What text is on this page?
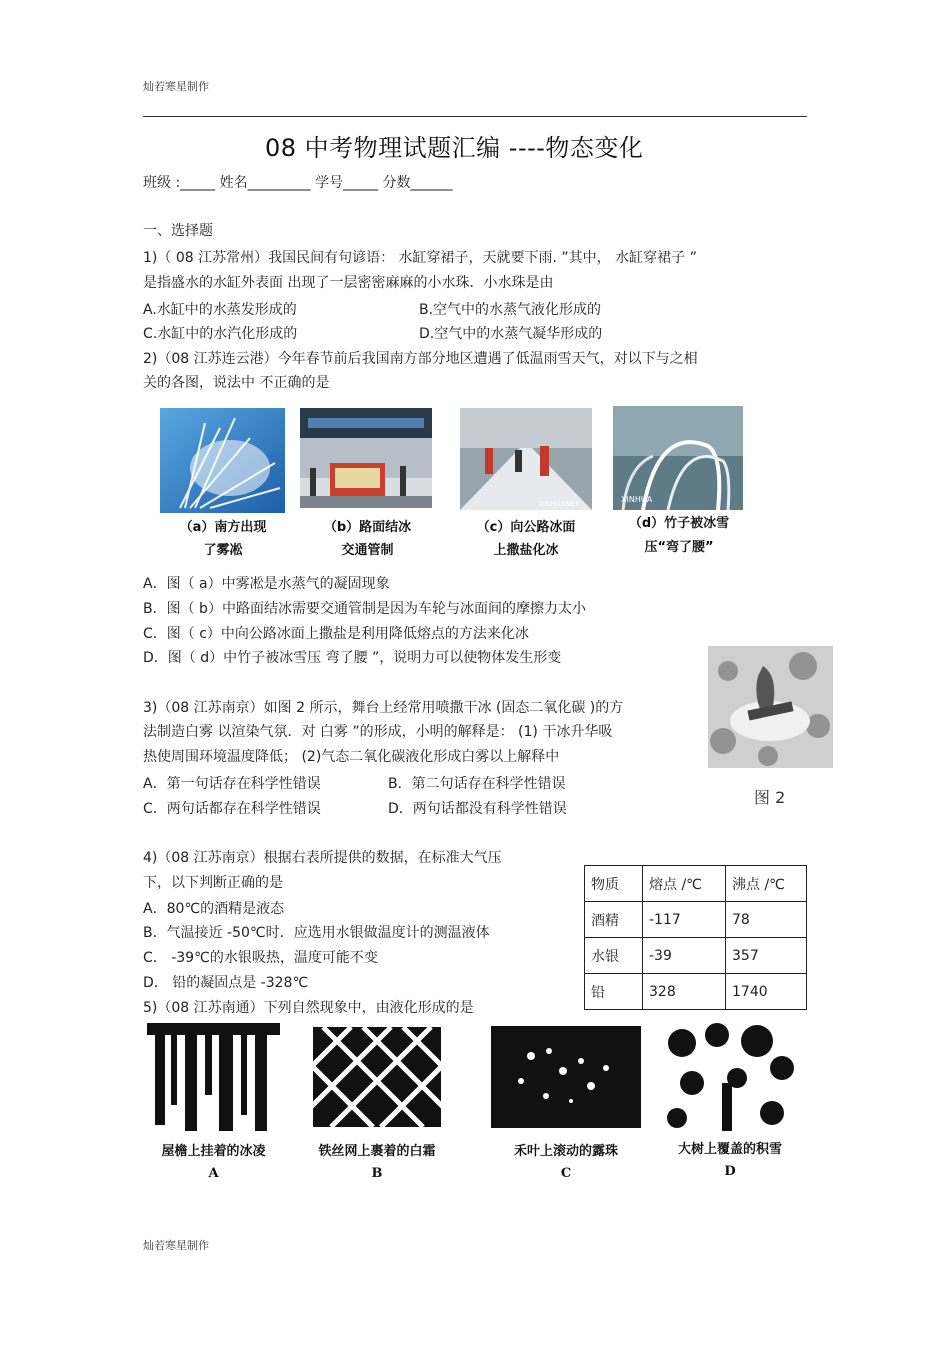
灿若寒星制作
08 中考物理试题汇编 ----物态变化
班级 :_____ 姓名_________ 学号_____ 分数______
一、选择题
1)（ 08 江苏常州）我国民间有句谚语： 水缸穿裙子，天就要下雨. ”其中， 水缸穿裙子 ”
是指盛水的水缸外表面 出现了一层密密麻麻的小水珠．小水珠是由
A.水缸中的水蒸发形成的	B.空气中的水蒸气液化形成的
C.水缸中的水汽化形成的	D.空气中的水蒸气凝华形成的
2)（08 江苏连云港）今年春节前后我国南方部分地区遭遇了低温雨雪天气，对以下与之相
关的各图，说法中 不正确的是
（a）南方出现
了雾凇
（b）路面结冰
交通管制
XINHUANET
（c）向公路冰面
上撒盐化冰
XINHUA
（d）竹子被冰雪
压“弯了腰”
A．图（ a）中雾凇是水蒸气的凝固现象
B．图（ b）中路面结冰需要交通管制是因为车轮与冰面间的摩擦力太小
C．图（ c）中向公路冰面上撒盐是利用降低熔点的方法来化冰
D．图（ d）中竹子被冰雪压 弯了腰 ”，说明力可以使物体发生形变
图 2
3)（08 江苏南京）如图 2 所示，舞台上经常用喷撒干冰 (固态二氧化碳 )的方
法制造白雾 以渲染气氛．对 白雾 ”的形成，小明的解释是： (1) 干冰升华吸
热使周围环境温度降低； (2)气态二氧化碳液化形成白雾以上解释中
A．第一句话存在科学性错误	B．第二句话存在科学性错误
C．两句话都存在科学性错误	D．两句话都没有科学性错误
4)（08 江苏南京）根据右表所提供的数据，在标准大气压
下，以下判断正确的是
A．80℃的酒精是液态
B．气温接近 -50℃时．应选用水银做温度计的测温液体
C． -39℃的水银吸热，温度可能不变
D． 铅的凝固点是 -328℃
物质	熔点 /℃	沸点 /℃
酒精	-117	78
水银	-39	357
铅	328	1740
5)（08 江苏南通）下列自然现象中，由液化形成的是
屋檐上挂着的冰凌
A
铁丝网上裹着的白霜
B
禾叶上滚动的露珠
C
大树上覆盖的积雪
D
灿若寒星制作
